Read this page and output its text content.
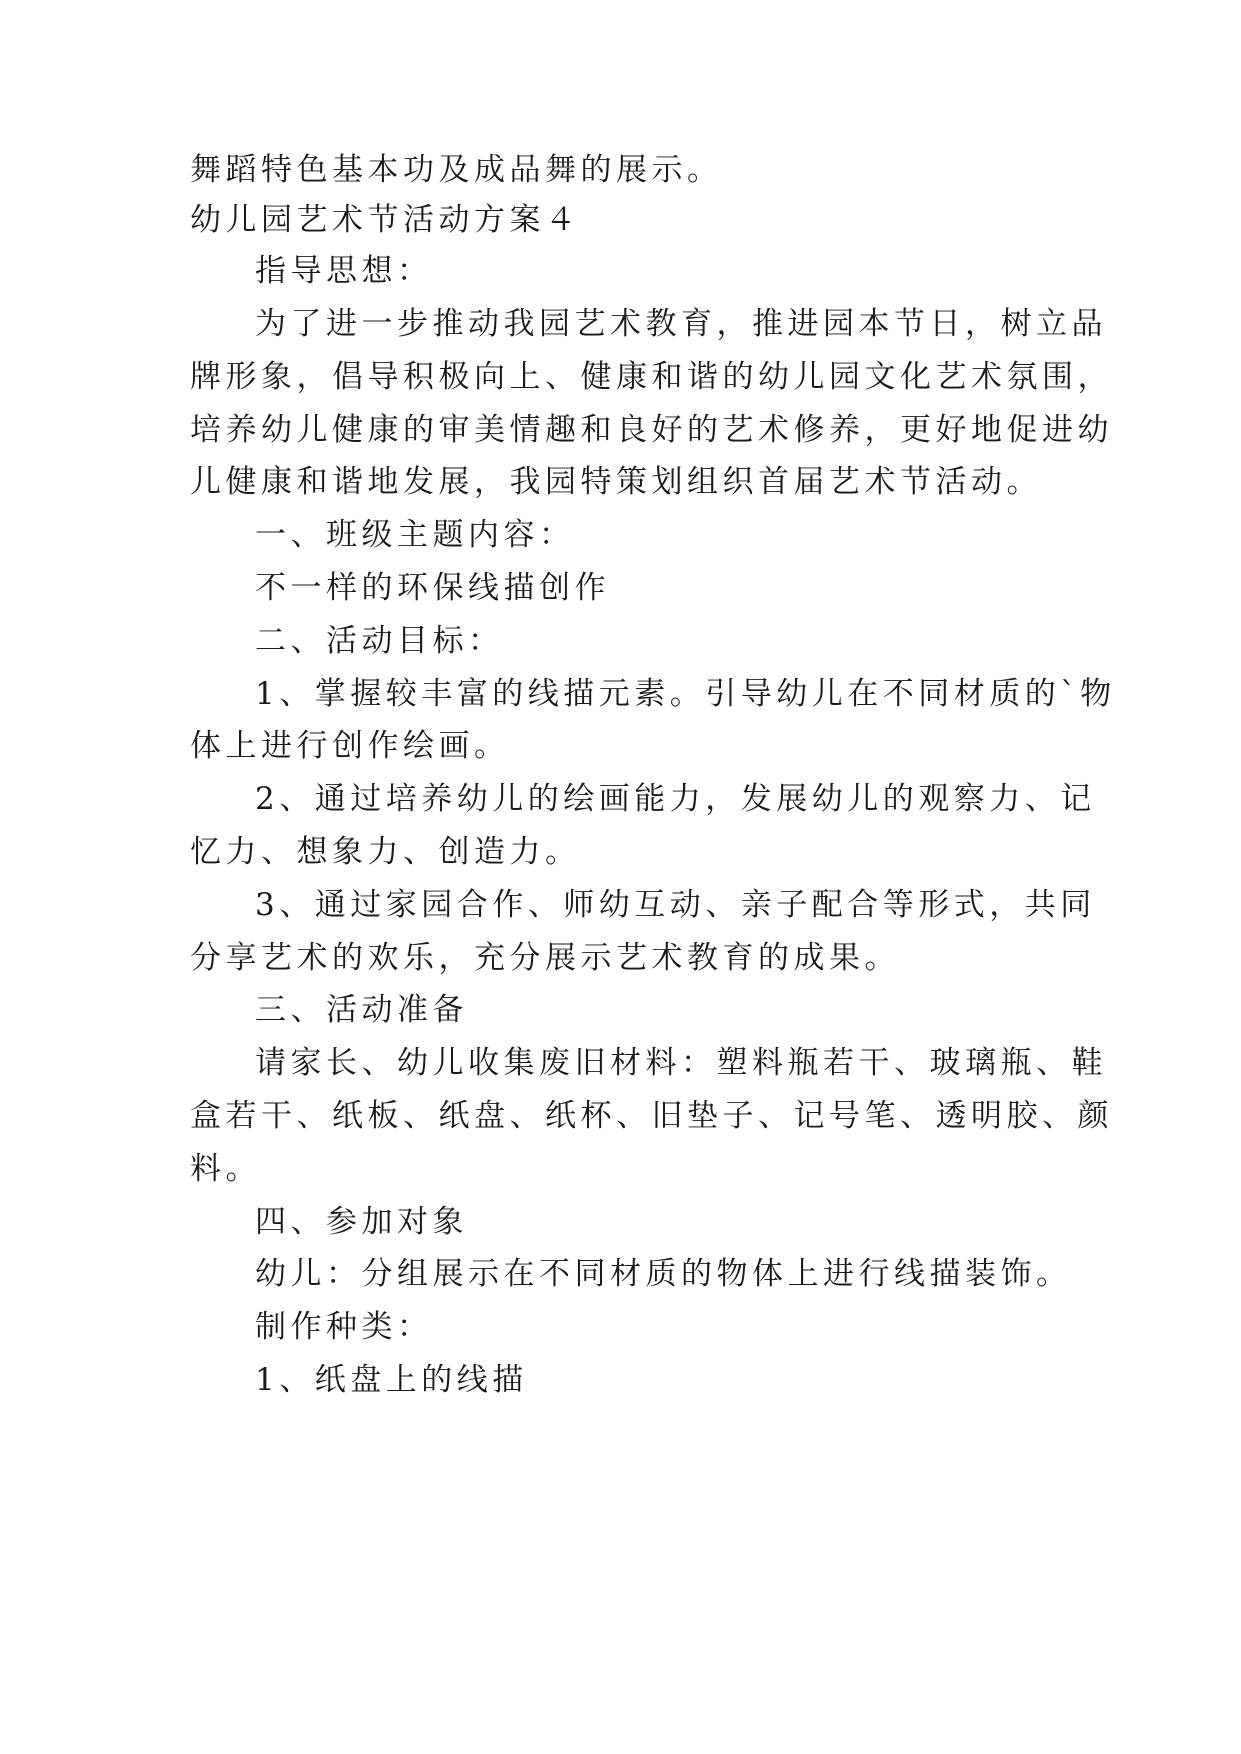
舞蹈特色基本功及成品舞的展示。
幼儿园艺术节活动方案４
指导思想：
为了进一步推动我园艺术教育，推进园本节日，树立品
牌形象，倡导积极向上、健康和谐的幼儿园文化艺术氛围，
培养幼儿健康的审美情趣和良好的艺术修养，更好地促进幼
儿健康和谐地发展，我园特策划组织首届艺术节活动。
一、班级主题内容：
不一样的环保线描创作
二、活动目标：
1、掌握较丰富的线描元素。引导幼儿在不同材质的`物
体上进行创作绘画。
2、通过培养幼儿的绘画能力，发展幼儿的观察力、记
忆力、想象力、创造力。
3、通过家园合作、师幼互动、亲子配合等形式，共同
分享艺术的欢乐，充分展示艺术教育的成果。
三、活动准备
请家长、幼儿收集废旧材料：塑料瓶若干、玻璃瓶、鞋
盒若干、纸板、纸盘、纸杯、旧垫子、记号笔、透明胶、颜
料。
四、参加对象
幼儿：分组展示在不同材质的物体上进行线描装饰。
制作种类：
1、纸盘上的线描
